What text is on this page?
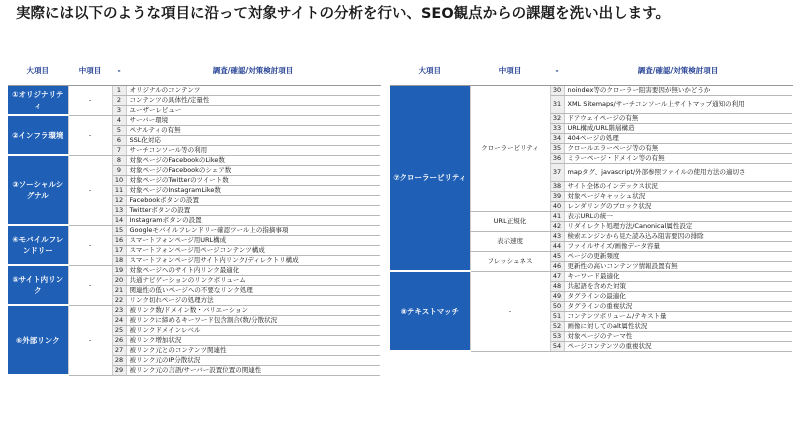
実際には以下のような項目に沿って対象サイトの分析を行い、SEO観点からの課題を洗い出します。
大項目	中項目	-	調査/確認/対策検討項目
①オリジナリティ	-	1	オリジナルのコンテンツ
		2	コンテンツの具体性/定量性
		3	ユーザーレビュー
②インフラ環境	-	4	サーバー環境
		5	ペナルティの有無
		6	SSL化対応
		7	サーチコンソール等の利用
③ソーシャルシグナル	-	8	対象ページのFacebookのLike数
		9	対象ページのFacebookのシェア数
		10	対象ページのTwitterのツイート数
		11	対象ページのInstagramLike数
		12	Facebookボタンの設置
		13	Twitterボタンの設置
		14	Instagramボタンの設置
④モバイルフレンドリー	-	15	Googleモバイルフレンドリー確認ツール上の指摘事項
		16	スマートフォンページ用URL構成
		17	スマートフォンページ用ページコンテンツ構成
		18	スマートフォンページ用サイト内リンク/ディレクトリ構成
⑤サイト内リンク	-	19	対象ページへのサイト内リンク最適化
		20	共通ナビゲーションのリンクボリューム
		21	関連性の低いページへの不要なリンク処理
		22	リンク切れページの処理方法
⑥外部リンク	-	23	被リンク数/ドメイン数・バリエーション
		24	被リンクに締めるキーワード包含割合(数/分散状況
		25	被リンクドメインレベル
		26	被リンク増加状況
		27	被リンク元とのコンテンツ関連性
		28	被リンク元のIP分散状況
		29	被リンク元の言語/サーバー設置位置の関連性
大項目	中項目	-	調査/確認/対策検討項目
⑦クローラービリティ	クローラービリティ	30	noindex等のクローラー阻害要因が無いかどうか
		31	XML Sitemaps/サーチコンソール上サイトマップ通知の利用
		32	ドアウェイページの有無
		33	URL構成/URL階層構造
		34	404ページの処理
		35	クロールエラーページ等の有無
		36	ミラーページ・ドメイン等の有無
		37	mapタグ、javascript/外部参照ファイルの使用方法の適切さ
		38	サイト全体のインデックス状況
		39	対象ページキャッシュ状況
		40	レンダリングのブロック状況
	URL正規化	41	表示URLの統一
		42	リダイレクト処理方法/Canonical属性設定
	表示速度	43	検索エンジンから見た読み込み阻害要因の排除
		44	ファイルサイズ/画像データ容量
	フレッシュネス	45	ページの更新頻度
		46	更新性の高いコンテンツ情報設置有無
⑧テキストマッチ	-	47	キーワード最適化
		48	共起語を含めた対策
		49	タグラインの最適化
		50	タグラインの重複状況
		51	コンテンツボリューム/テキスト量
		52	画像に対してのalt属性状況
		53	対象ページのテーマ性
		54	ページコンテンツの重複状況
